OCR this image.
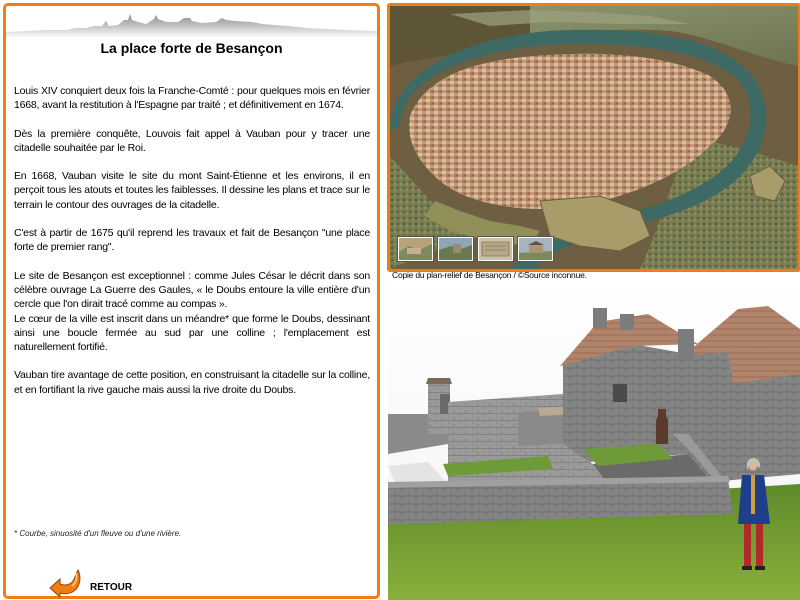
La place forte de Besançon

Louis XIV conquiert deux fois la Franche-Comté : pour quelques mois en février 1668, avant la restitution à l'Espagne par traité ; et définitivement en 1674.

Dès la première conquête, Louvois fait appel à Vauban pour y tracer une citadelle souhaitée par le Roi.

En 1668, Vauban visite le site du mont Saint-Étienne et les environs, il en perçoit tous les atouts et toutes les faiblesses. Il dessine les plans et trace sur le terrain le contour des ouvrages de la citadelle.

C'est à partir de 1675 qu'il reprend les travaux et fait de Besançon "une place forte de premier rang".

Le site de Besançon est exceptionnel : comme Jules César le décrit dans son célèbre ouvrage La Guerre des Gaules, « le Doubs entoure la ville entière d'un cercle que l'on dirait tracé comme au compas ».

Le cœur de la ville est inscrit dans un méandre* que forme le Doubs, dessinant ainsi une boucle fermée au sud par une colline ; l'emplacement est naturellement fortifié.

Vauban tire avantage de cette position, en construisant la citadelle sur la colline, et en fortifiant la rive gauche mais aussi la rive droite du Doubs.

* Courbe, sinuosité d'un fleuve ou d'une rivière.
RETOUR
Copie du plan-relief de Besançon / ©Source inconnue.
